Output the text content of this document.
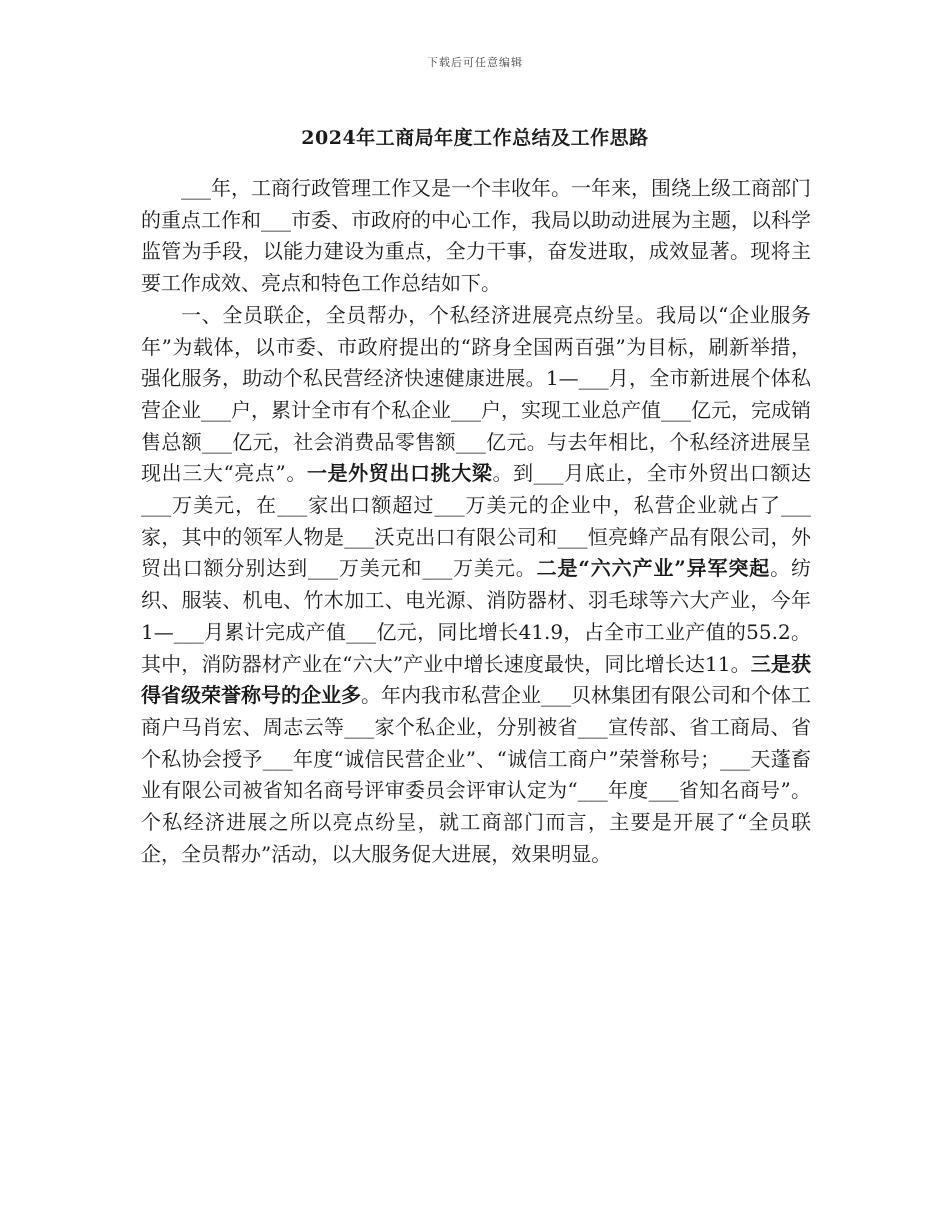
下载后可任意编辑
2024年工商局年度工作总结及工作思路

___年，工商行政管理工作又是一个丰收年。一年来，围绕上级工商部门的重点工作和___市委、市政府的中心工作，我局以助动进展为主题，以科学监管为手段，以能力建设为重点，全力干事，奋发进取，成效显著。现将主要工作成效、亮点和特色工作总结如下。

一、全员联企，全员帮办，个私经济进展亮点纷呈。我局以“企业服务年”为载体，以市委、市政府提出的“跻身全国两百强”为目标，刷新举措，强化服务，助动个私民营经济快速健康进展。1—___月，全市新进展个体私营企业___户，累计全市有个私企业___户，实现工业总产值___亿元，完成销售总额___亿元，社会消费品零售额___亿元。与去年相比，个私经济进展呈现出三大“亮点”。一是外贸出口挑大梁。到___月底止，全市外贸出口额达___万美元，在___家出口额超过___万美元的企业中，私营企业就占了___家，其中的领军人物是___沃克出口有限公司和___恒亮蜂产品有限公司，外贸出口额分别达到___万美元和___万美元。二是“六六产业”异军突起。纺织、服装、机电、竹木加工、电光源、消防器材、羽毛球等六大产业，今年1—___月累计完成产值___亿元，同比增长41.9，占全市工业产值的55.2。其中，消防器材产业在“六大”产业中增长速度最快，同比增长达11。三是获得省级荣誉称号的企业多。年内我市私营企业___贝林集团有限公司和个体工商户马肖宏、周志云等___家个私企业，分别被省___宣传部、省工商局、省个私协会授予___年度“诚信民营企业”、“诚信工商户”荣誉称号；___天蓬畜业有限公司被省知名商号评审委员会评审认定为“___年度___省知名商号”。个私经济进展之所以亮点纷呈，就工商部门而言，主要是开展了“全员联企，全员帮办”活动，以大服务促大进展，效果明显。
